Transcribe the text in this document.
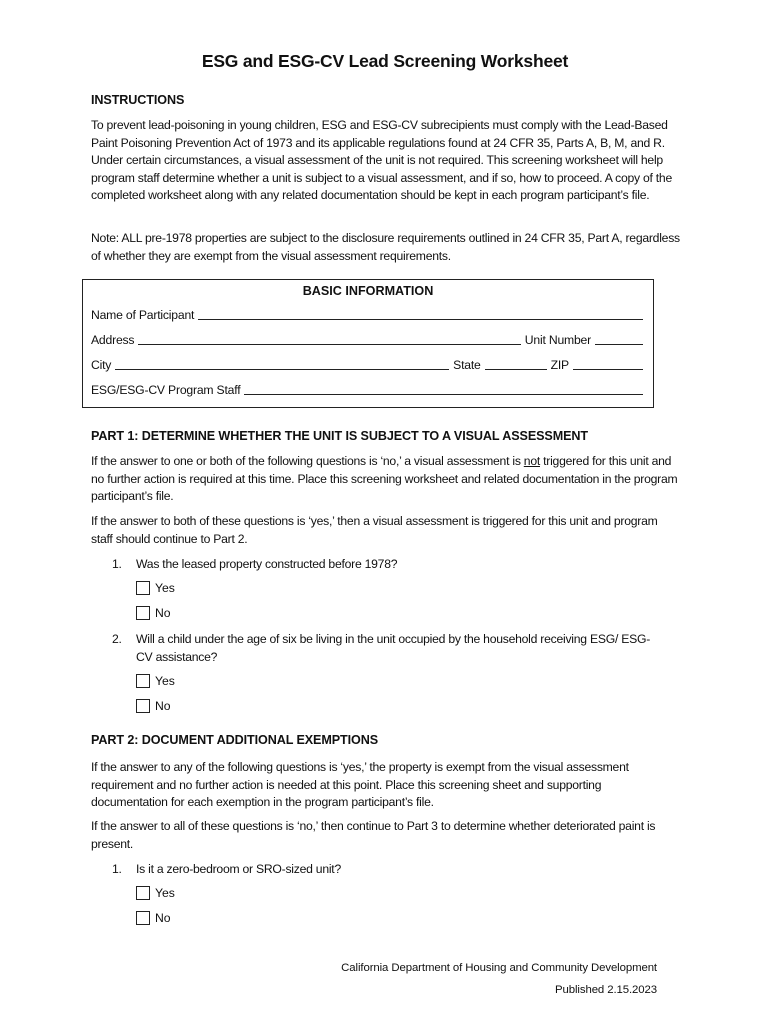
ESG and ESG-CV Lead Screening Worksheet
INSTRUCTIONS
To prevent lead-poisoning in young children, ESG and ESG-CV subrecipients must comply with the Lead-Based Paint Poisoning Prevention Act of 1973 and its applicable regulations found at 24 CFR 35, Parts A, B, M, and R. Under certain circumstances, a visual assessment of the unit is not required. This screening worksheet will help program staff determine whether a unit is subject to a visual assessment, and if so, how to proceed. A copy of the completed worksheet along with any related documentation should be kept in each program participant’s file.
Note: ALL pre-1978 properties are subject to the disclosure requirements outlined in 24 CFR 35, Part A, regardless of whether they are exempt from the visual assessment requirements.
BASIC INFORMATION
Name of Participant
Address	Unit Number
City	State	ZIP
ESG/ESG-CV Program Staff
PART 1: DETERMINE WHETHER THE UNIT IS SUBJECT TO A VISUAL ASSESSMENT
If the answer to one or both of the following questions is ‘no,’ a visual assessment is not triggered for this unit and no further action is required at this time. Place this screening worksheet and related documentation in the program participant’s file.
If the answer to both of these questions is ‘yes,’ then a visual assessment is triggered for this unit and program staff should continue to Part 2.
1.	Was the leased property constructed before 1978?
Yes
No
2.	Will a child under the age of six be living in the unit occupied by the household receiving ESG/ ESG-CV assistance?
Yes
No
PART 2: DOCUMENT ADDITIONAL EXEMPTIONS
If the answer to any of the following questions is ‘yes,’ the property is exempt from the visual assessment requirement and no further action is needed at this point. Place this screening sheet and supporting documentation for each exemption in the program participant’s file.
If the answer to all of these questions is ‘no,’ then continue to Part 3 to determine whether deteriorated paint is present.
1.	Is it a zero-bedroom or SRO-sized unit?
Yes
No
California Department of Housing and Community Development
Published 2.15.2023
